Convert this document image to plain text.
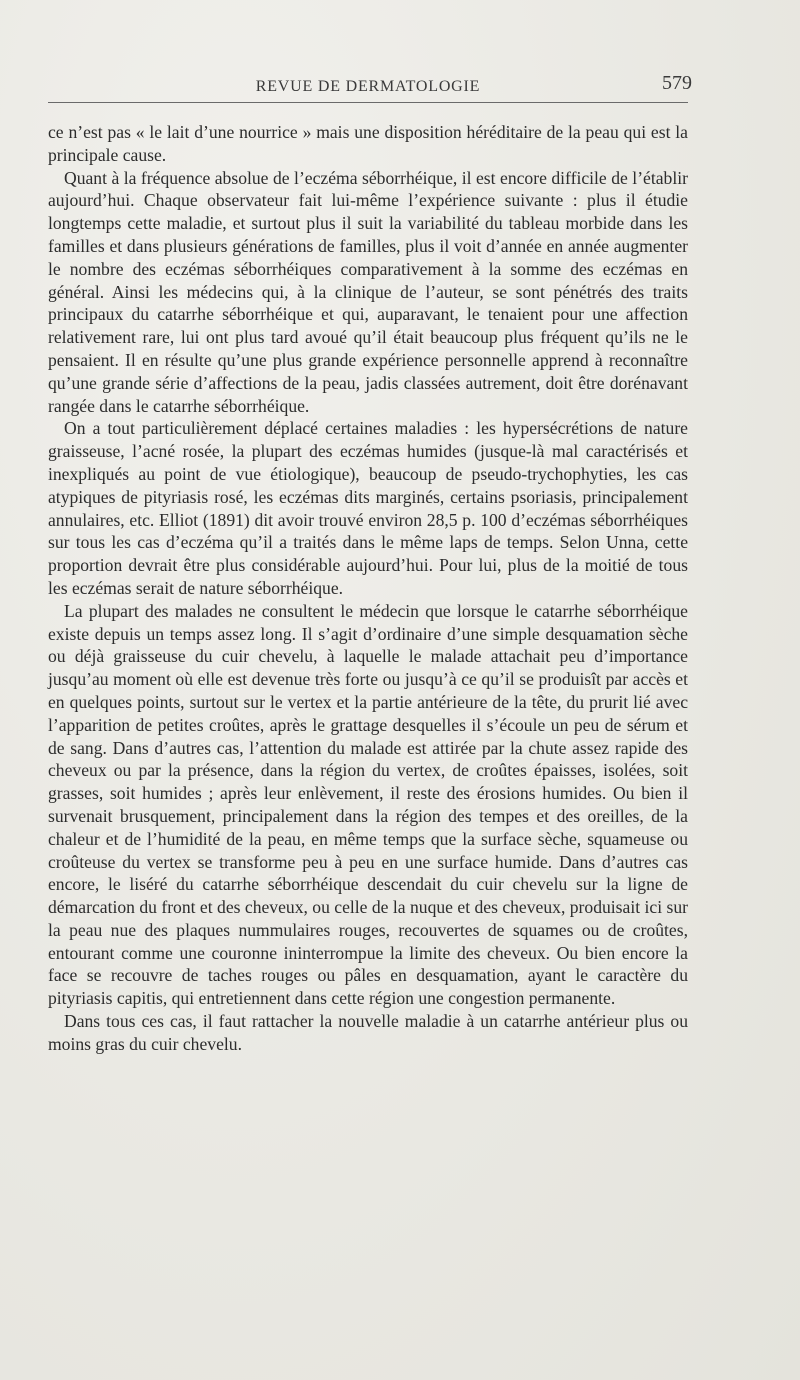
REVUE DE DERMATOLOGIE	579

ce n’est pas « le lait d’une nourrice » mais une disposition héréditaire de la peau qui est la principale cause.

Quant à la fréquence absolue de l’eczéma séborrhéique, il est encore difficile de l’établir aujourd’hui. Chaque observateur fait lui-même l’expérience suivante : plus il étudie longtemps cette maladie, et surtout plus il suit la variabilité du tableau morbide dans les familles et dans plusieurs générations de familles, plus il voit d’année en année augmenter le nombre des eczémas séborrhéiques comparativement à la somme des eczémas en général. Ainsi les médecins qui, à la clinique de l’auteur, se sont pénétrés des traits principaux du catarrhe séborrhéique et qui, auparavant, le tenaient pour une affection relativement rare, lui ont plus tard avoué qu’il était beaucoup plus fréquent qu’ils ne le pensaient. Il en résulte qu’une plus grande expérience personnelle apprend à reconnaître qu’une grande série d’affections de la peau, jadis classées autrement, doit être dorénavant rangée dans le catarrhe séborrhéique.

On a tout particulièrement déplacé certaines maladies : les hypersécrétions de nature graisseuse, l’acné rosée, la plupart des eczémas humides (jusque-là mal caractérisés et inexpliqués au point de vue étiologique), beaucoup de pseudo-trychophyties, les cas atypiques de pityriasis rosé, les eczémas dits marginés, certains psoriasis, principalement annulaires, etc. Elliot (1891) dit avoir trouvé environ 28,5 p. 100 d’eczémas séborrhéiques sur tous les cas d’eczéma qu’il a traités dans le même laps de temps. Selon Unna, cette proportion devrait être plus considérable aujourd’hui. Pour lui, plus de la moitié de tous les eczémas serait de nature séborrhéique.

La plupart des malades ne consultent le médecin que lorsque le catarrhe séborrhéique existe depuis un temps assez long. Il s’agit d’ordinaire d’une simple desquamation sèche ou déjà graisseuse du cuir chevelu, à laquelle le malade attachait peu d’importance jusqu’au moment où elle est devenue très forte ou jusqu’à ce qu’il se produisît par accès et en quelques points, surtout sur le vertex et la partie antérieure de la tête, du prurit lié avec l’apparition de petites croûtes, après le grattage desquelles il s’écoule un peu de sérum et de sang. Dans d’autres cas, l’attention du malade est attirée par la chute assez rapide des cheveux ou par la présence, dans la région du vertex, de croûtes épaisses, isolées, soit grasses, soit humides ; après leur enlèvement, il reste des érosions humides. Ou bien il survenait brusquement, principalement dans la région des tempes et des oreilles, de la chaleur et de l’humidité de la peau, en même temps que la surface sèche, squameuse ou croûteuse du vertex se transforme peu à peu en une surface humide. Dans d’autres cas encore, le liséré du catarrhe séborrhéique descendait du cuir chevelu sur la ligne de démarcation du front et des cheveux, ou celle de la nuque et des cheveux, produisait ici sur la peau nue des plaques nummulaires rouges, recouvertes de squames ou de croûtes, entourant comme une couronne ininterrompue la limite des cheveux. Ou bien encore la face se recouvre de taches rouges ou pâles en desquamation, ayant le caractère du pityriasis capitis, qui entretiennent dans cette région une congestion permanente.

Dans tous ces cas, il faut rattacher la nouvelle maladie à un catarrhe antérieur plus ou moins gras du cuir chevelu.
